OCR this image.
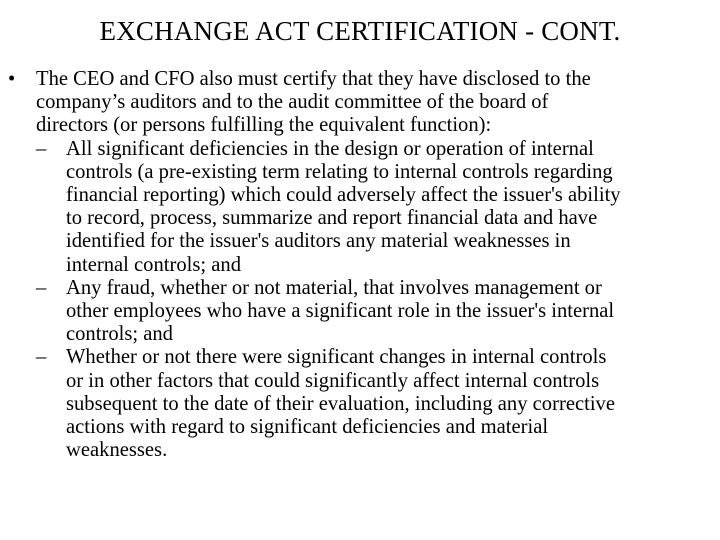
EXCHANGE ACT CERTIFICATION - CONT.
• The CEO and CFO also must certify that they have disclosed to the
company’s auditors and to the audit committee of the board of
directors (or persons fulfilling the equivalent function):
– All significant deficiencies in the design or operation of internal
controls (a pre-existing term relating to internal controls regarding
financial reporting) which could adversely affect the issuer's ability
to record, process, summarize and report financial data and have
identified for the issuer's auditors any material weaknesses in
internal controls; and
– Any fraud, whether or not material, that involves management or
other employees who have a significant role in the issuer's internal
controls; and
– Whether or not there were significant changes in internal controls
or in other factors that could significantly affect internal controls
subsequent to the date of their evaluation, including any corrective
actions with regard to significant deficiencies and material
weaknesses.
